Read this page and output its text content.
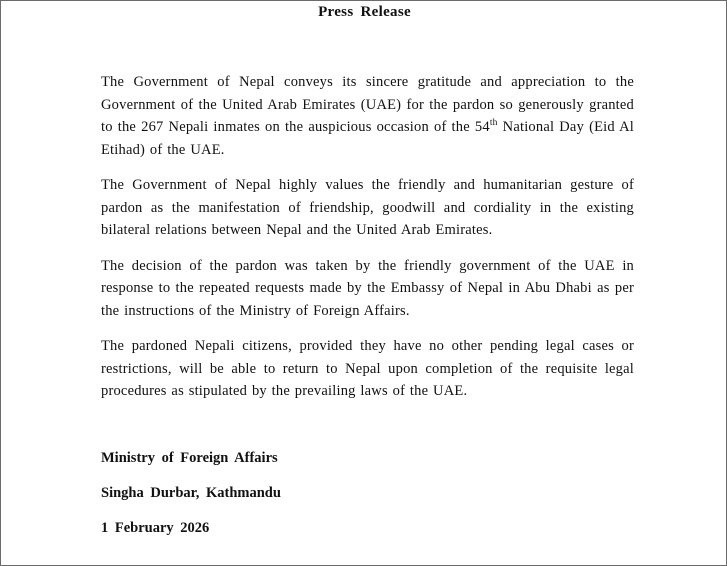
Press Release

The Government of Nepal conveys its sincere gratitude and appreciation to the Government of the United Arab Emirates (UAE) for the pardon so generously granted to the 267 Nepali inmates on the auspicious occasion of the 54th National Day (Eid Al Etihad) of the UAE.

The Government of Nepal highly values the friendly and humanitarian gesture of pardon as the manifestation of friendship, goodwill and cordiality in the existing bilateral relations between Nepal and the United Arab Emirates.

The decision of the pardon was taken by the friendly government of the UAE in response to the repeated requests made by the Embassy of Nepal in Abu Dhabi as per the instructions of the Ministry of Foreign Affairs.

The pardoned Nepali citizens, provided they have no other pending legal cases or restrictions, will be able to return to Nepal upon completion of the requisite legal procedures as stipulated by the prevailing laws of the UAE.

Ministry of Foreign Affairs
Singha Durbar, Kathmandu
1 February 2026
